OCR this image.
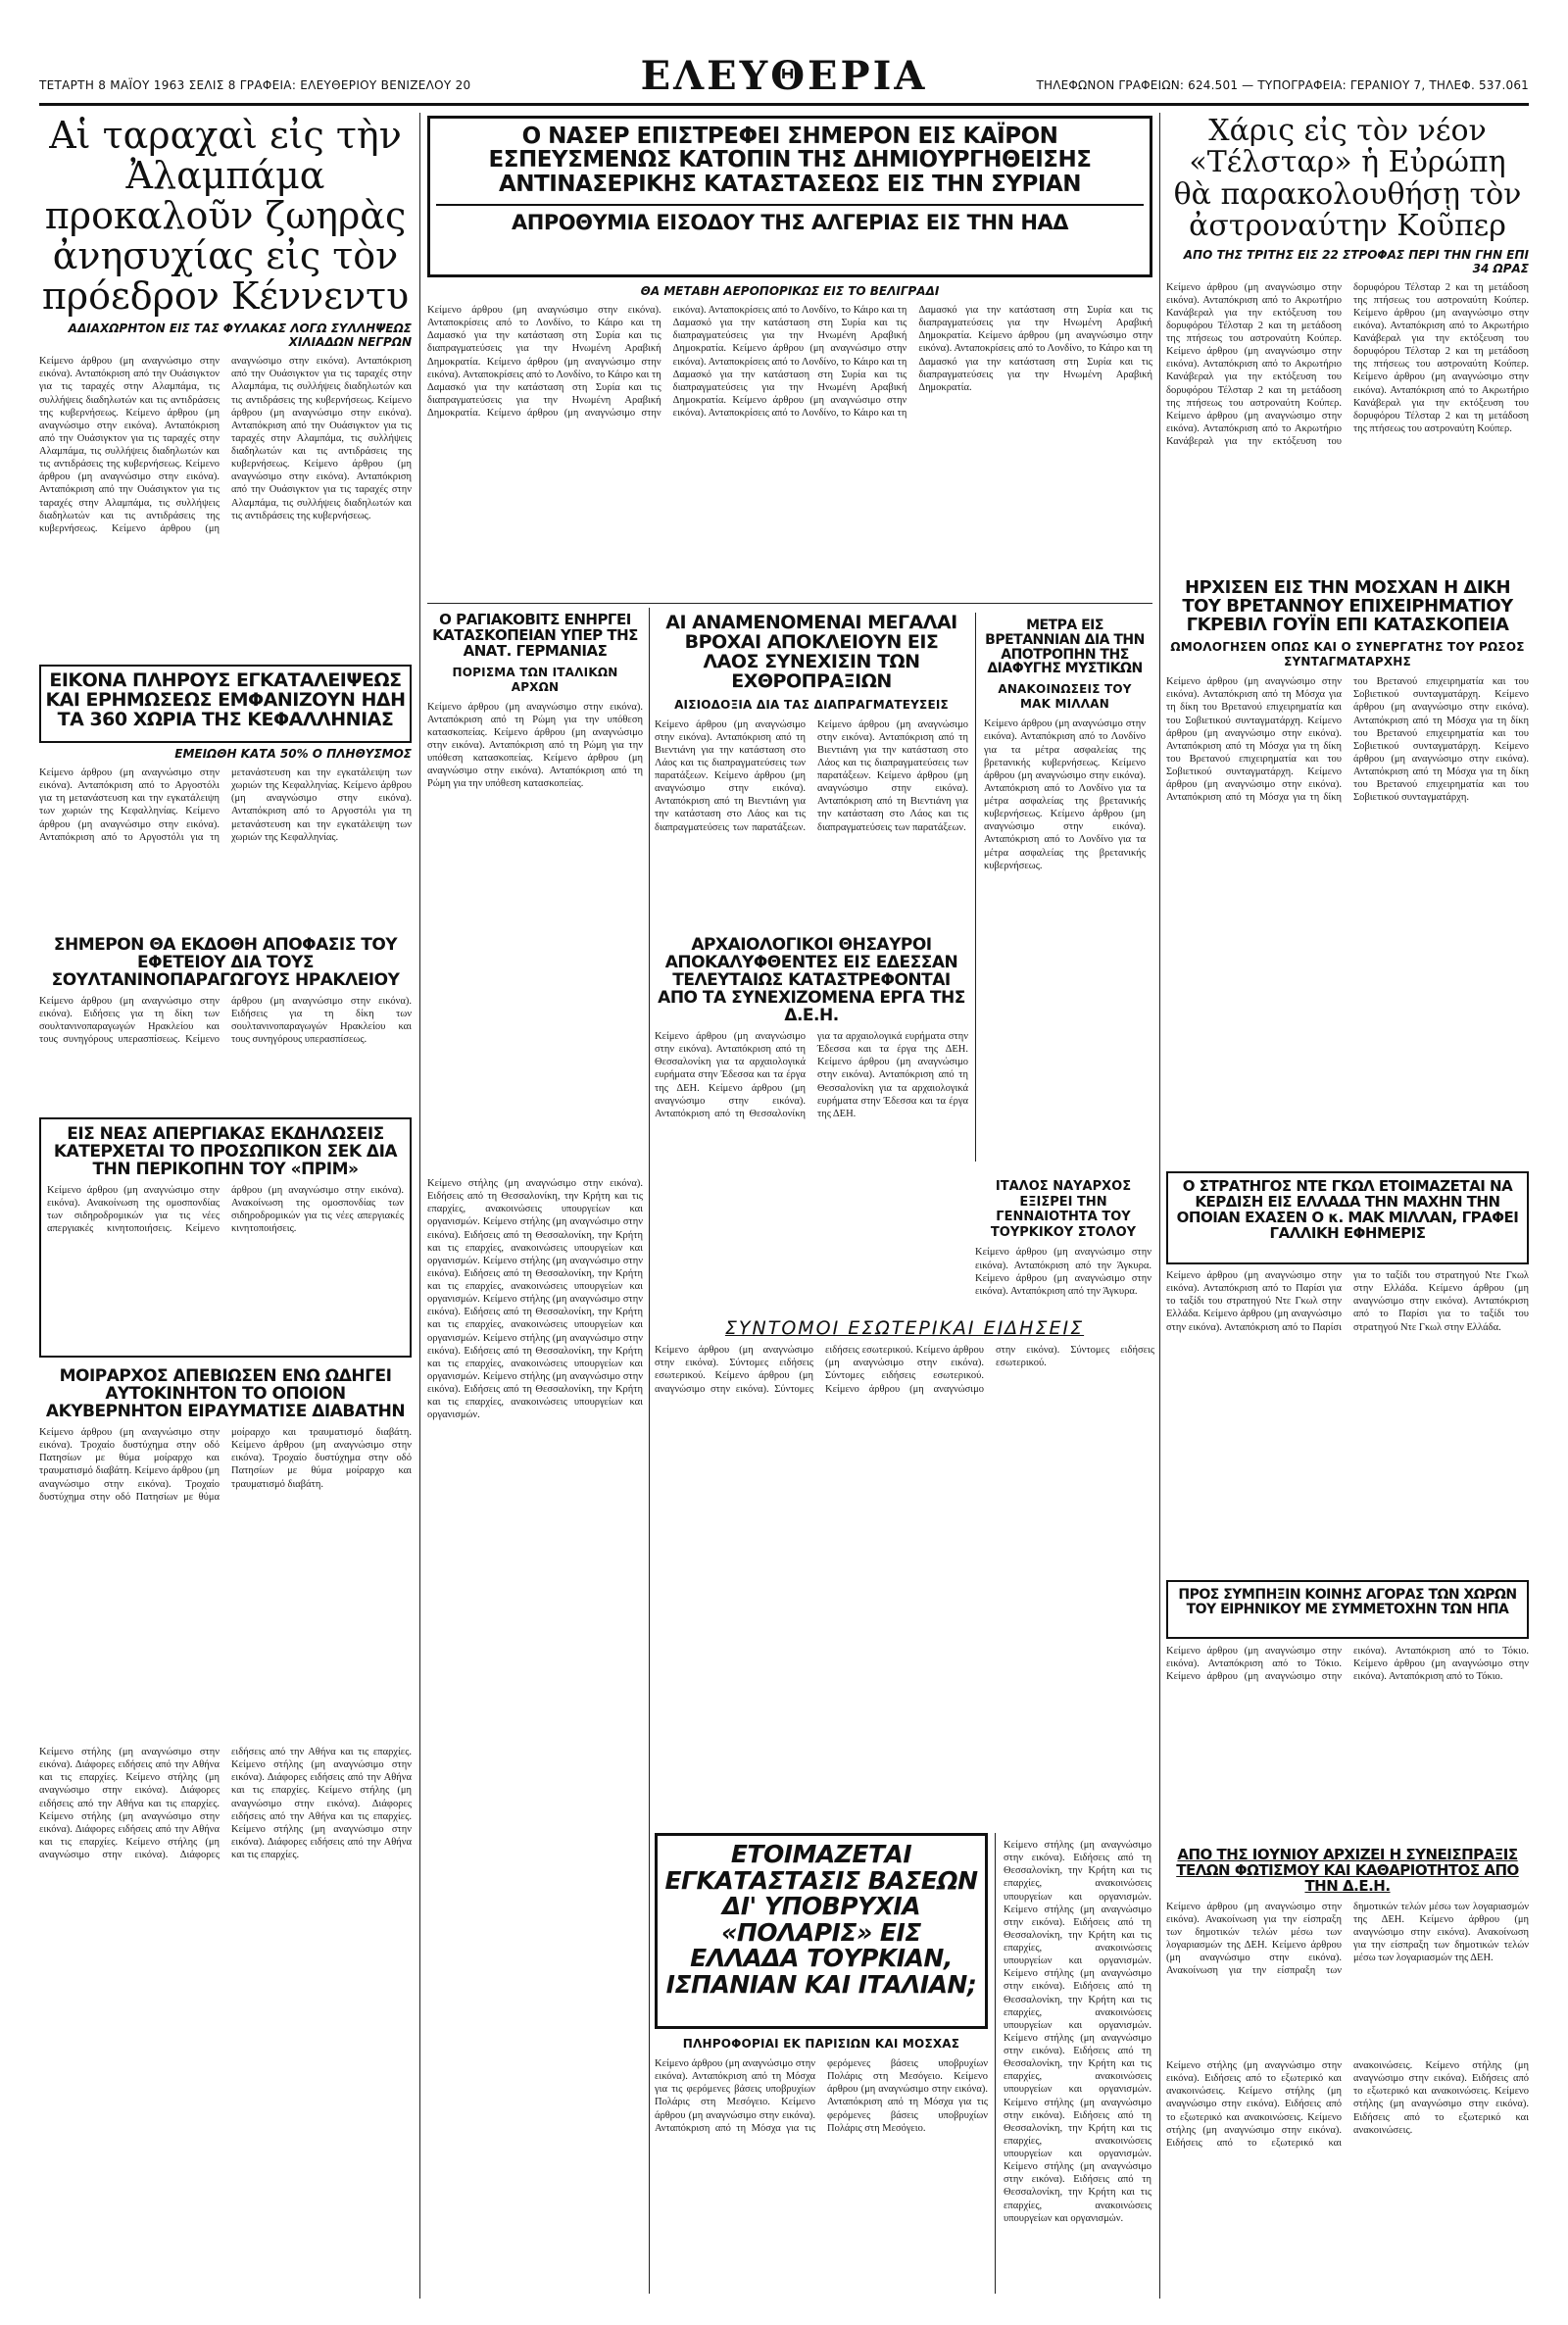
ΤΕΤΑΡΤΗ 8 ΜΑΪΟΥ 1963 ΣΕΛΙΣ 8 ΓΡΑΦΕΙΑ: ΕΛΕΥΘΕΡΙΟΥ ΒΕΝΙΖΕΛΟΥ 20	ΕΛΕΥΘΕΡΙΑ	ΤΗΛΕΦΩΝΟΝ ΓΡΑΦΕΙΩΝ: 624.501 — ΤΥΠΟΓΡΑΦΕΙΑ: ΓΕΡΑΝΙΟΥ 7, ΤΗΛΕΦ. 537.061
Αἱ ταραχαὶ εἰς τὴν Ἀλαμπάμα προκαλοῦν ζωηρὰς ἀνησυχίας εἰς τὸν πρόεδρον Κέννεντυ
ΑΔΙΑΧΩΡΗΤΟΝ ΕΙΣ ΤΑΣ ΦΥΛΑΚΑΣ ΛΟΓΩ ΣΥΛΛΗΨΕΩΣ ΧΙΛΙΑΔΩΝ ΝΕΓΡΩΝ
Κείμενο άρθρου (μη αναγνώσιμο στην εικόνα). Ανταπόκριση από την Ουάσιγκτον για τις ταραχές στην Αλαμπάμα, τις συλλήψεις διαδηλωτών και τις αντιδράσεις της κυβερνήσεως. Κείμενο άρθρου (μη αναγνώσιμο στην εικόνα). Ανταπόκριση από την Ουάσιγκτον για τις ταραχές στην Αλαμπάμα, τις συλλήψεις διαδηλωτών και τις αντιδράσεις της κυβερνήσεως. Κείμενο άρθρου (μη αναγνώσιμο στην εικόνα). Ανταπόκριση από την Ουάσιγκτον για τις ταραχές στην Αλαμπάμα, τις συλλήψεις διαδηλωτών και τις αντιδράσεις της κυβερνήσεως. Κείμενο άρθρου (μη αναγνώσιμο στην εικόνα). Ανταπόκριση από την Ουάσιγκτον για τις ταραχές στην Αλαμπάμα, τις συλλήψεις διαδηλωτών και τις αντιδράσεις της κυβερνήσεως. Κείμενο άρθρου (μη αναγνώσιμο στην εικόνα). Ανταπόκριση από την Ουάσιγκτον για τις ταραχές στην Αλαμπάμα, τις συλλήψεις διαδηλωτών και τις αντιδράσεις της κυβερνήσεως. Κείμενο άρθρου (μη αναγνώσιμο στην εικόνα). Ανταπόκριση από την Ουάσιγκτον για τις ταραχές στην Αλαμπάμα, τις συλλήψεις διαδηλωτών και τις αντιδράσεις της κυβερνήσεως.
ΕΙΚΟΝΑ ΠΛΗΡΟΥΣ ΕΓΚΑΤΑΛΕΙΨΕΩΣ ΚΑΙ ΕΡΗΜΩΣΕΩΣ ΕΜΦΑΝΙΖΟΥΝ ΗΔΗ ΤΑ 360 ΧΩΡΙΑ ΤΗΣ ΚΕΦΑΛΛΗΝΙΑΣ
ΕΜΕΙΩΘΗ ΚΑΤΑ 50% Ο ΠΛΗΘΥΣΜΟΣ
Κείμενο άρθρου (μη αναγνώσιμο στην εικόνα). Ανταπόκριση από το Αργοστόλι για τη μετανάστευση και την εγκατάλειψη των χωριών της Κεφαλληνίας. Κείμενο άρθρου (μη αναγνώσιμο στην εικόνα). Ανταπόκριση από το Αργοστόλι για τη μετανάστευση και την εγκατάλειψη των χωριών της Κεφαλληνίας. Κείμενο άρθρου (μη αναγνώσιμο στην εικόνα). Ανταπόκριση από το Αργοστόλι για τη μετανάστευση και την εγκατάλειψη των χωριών της Κεφαλληνίας.
ΣΗΜΕΡΟΝ ΘΑ ΕΚΔΟΘΗ ΑΠΟΦΑΣΙΣ ΤΟΥ ΕΦΕΤΕΙΟΥ ΔΙΑ ΤΟΥΣ ΣΟΥΛΤΑΝΙΝΟΠΑΡΑΓΩΓΟΥΣ ΗΡΑΚΛΕΙΟΥ
Κείμενο άρθρου (μη αναγνώσιμο στην εικόνα). Ειδήσεις για τη δίκη των σουλτανινοπαραγωγών Ηρακλείου και τους συνηγόρους υπερασπίσεως. Κείμενο άρθρου (μη αναγνώσιμο στην εικόνα). Ειδήσεις για τη δίκη των σουλτανινοπαραγωγών Ηρακλείου και τους συνηγόρους υπερασπίσεως.
ΕΙΣ ΝΕΑΣ ΑΠΕΡΓΙΑΚΑΣ ΕΚΔΗΛΩΣΕΙΣ ΚΑΤΕΡΧΕΤΑΙ ΤΟ ΠΡΟΣΩΠΙΚΟΝ ΣΕΚ ΔΙΑ ΤΗΝ ΠΕΡΙΚΟΠΗΝ ΤΟΥ «ΠΡΙΜ»
Κείμενο άρθρου (μη αναγνώσιμο στην εικόνα). Ανακοίνωση της ομοσπονδίας των σιδηροδρομικών για τις νέες απεργιακές κινητοποιήσεις. Κείμενο άρθρου (μη αναγνώσιμο στην εικόνα). Ανακοίνωση της ομοσπονδίας των σιδηροδρομικών για τις νέες απεργιακές κινητοποιήσεις.
ΜΟΙΡΑΡΧΟΣ ΑΠΕΒΙΩΣΕΝ ΕΝΩ ΩΔΗΓΕΙ ΑΥΤΟΚΙΝΗΤΟΝ ΤΟ ΟΠΟΙΟΝ ΑΚΥΒΕΡΝΗΤΟΝ ΕΙΡΑΥΜΑΤΙΣΕ ΔΙΑΒΑΤΗΝ
Κείμενο άρθρου (μη αναγνώσιμο στην εικόνα). Τροχαίο δυστύχημα στην οδό Πατησίων με θύμα μοίραρχο και τραυματισμό διαβάτη. Κείμενο άρθρου (μη αναγνώσιμο στην εικόνα). Τροχαίο δυστύχημα στην οδό Πατησίων με θύμα μοίραρχο και τραυματισμό διαβάτη. Κείμενο άρθρου (μη αναγνώσιμο στην εικόνα). Τροχαίο δυστύχημα στην οδό Πατησίων με θύμα μοίραρχο και τραυματισμό διαβάτη.
Κείμενο στήλης (μη αναγνώσιμο στην εικόνα). Διάφορες ειδήσεις από την Αθήνα και τις επαρχίες. Κείμενο στήλης (μη αναγνώσιμο στην εικόνα). Διάφορες ειδήσεις από την Αθήνα και τις επαρχίες. Κείμενο στήλης (μη αναγνώσιμο στην εικόνα). Διάφορες ειδήσεις από την Αθήνα και τις επαρχίες. Κείμενο στήλης (μη αναγνώσιμο στην εικόνα). Διάφορες ειδήσεις από την Αθήνα και τις επαρχίες. Κείμενο στήλης (μη αναγνώσιμο στην εικόνα). Διάφορες ειδήσεις από την Αθήνα και τις επαρχίες. Κείμενο στήλης (μη αναγνώσιμο στην εικόνα). Διάφορες ειδήσεις από την Αθήνα και τις επαρχίες. Κείμενο στήλης (μη αναγνώσιμο στην εικόνα). Διάφορες ειδήσεις από την Αθήνα και τις επαρχίες.
Ο ΝΑΣΕΡ ΕΠΙΣΤΡΕΦΕΙ ΣΗΜΕΡΟΝ ΕΙΣ ΚΑΪΡΟΝ ΕΣΠΕΥΣΜΕΝΩΣ ΚΑΤΟΠΙΝ ΤΗΣ ΔΗΜΙΟΥΡΓΗΘΕΙΣΗΣ ΑΝΤΙΝΑΣΕΡΙΚΗΣ ΚΑΤΑΣΤΑΣΕΩΣ ΕΙΣ ΤΗΝ ΣΥΡΙΑΝ
ΑΠΡΟΘΥΜΙΑ ΕΙΣΟΔΟΥ ΤΗΣ ΑΛΓΕΡΙΑΣ ΕΙΣ ΤΗΝ ΗΑΔ
ΘΑ ΜΕΤΑΒΗ ΑΕΡΟΠΟΡΙΚΩΣ ΕΙΣ ΤΟ ΒΕΛΙΓΡΑΔΙ
Κείμενο άρθρου (μη αναγνώσιμο στην εικόνα). Ανταποκρίσεις από το Λονδίνο, το Κάιρο και τη Δαμασκό για την κατάσταση στη Συρία και τις διαπραγματεύσεις για την Ηνωμένη Αραβική Δημοκρατία. Κείμενο άρθρου (μη αναγνώσιμο στην εικόνα). Ανταποκρίσεις από το Λονδίνο, το Κάιρο και τη Δαμασκό για την κατάσταση στη Συρία και τις διαπραγματεύσεις για την Ηνωμένη Αραβική Δημοκρατία. Κείμενο άρθρου (μη αναγνώσιμο στην εικόνα). Ανταποκρίσεις από το Λονδίνο, το Κάιρο και τη Δαμασκό για την κατάσταση στη Συρία και τις διαπραγματεύσεις για την Ηνωμένη Αραβική Δημοκρατία. Κείμενο άρθρου (μη αναγνώσιμο στην εικόνα). Ανταποκρίσεις από το Λονδίνο, το Κάιρο και τη Δαμασκό για την κατάσταση στη Συρία και τις διαπραγματεύσεις για την Ηνωμένη Αραβική Δημοκρατία. Κείμενο άρθρου (μη αναγνώσιμο στην εικόνα). Ανταποκρίσεις από το Λονδίνο, το Κάιρο και τη Δαμασκό για την κατάσταση στη Συρία και τις διαπραγματεύσεις για την Ηνωμένη Αραβική Δημοκρατία. Κείμενο άρθρου (μη αναγνώσιμο στην εικόνα). Ανταποκρίσεις από το Λονδίνο, το Κάιρο και τη Δαμασκό για την κατάσταση στη Συρία και τις διαπραγματεύσεις για την Ηνωμένη Αραβική Δημοκρατία.
Ο ΡΑΓΙΑΚΟΒΙΤΣ ΕΝΗΡΓΕΙ ΚΑΤΑΣΚΟΠΕΙΑΝ ΥΠΕΡ ΤΗΣ ΑΝΑΤ. ΓΕΡΜΑΝΙΑΣ
ΠΟΡΙΣΜΑ ΤΩΝ ΙΤΑΛΙΚΩΝ ΑΡΧΩΝ
Κείμενο άρθρου (μη αναγνώσιμο στην εικόνα). Ανταπόκριση από τη Ρώμη για την υπόθεση κατασκοπείας. Κείμενο άρθρου (μη αναγνώσιμο στην εικόνα). Ανταπόκριση από τη Ρώμη για την υπόθεση κατασκοπείας. Κείμενο άρθρου (μη αναγνώσιμο στην εικόνα). Ανταπόκριση από τη Ρώμη για την υπόθεση κατασκοπείας.
ΑΙ ΑΝΑΜΕΝΟΜΕΝΑΙ ΜΕΓΑΛΑΙ ΒΡΟΧΑΙ ΑΠΟΚΛΕΙΟΥΝ ΕΙΣ ΛΑΟΣ ΣΥΝΕΧΙΣΙΝ ΤΩΝ ΕΧΘΡΟΠΡΑΞΙΩΝ
ΑΙΣΙΟΔΟΞΙΑ ΔΙΑ ΤΑΣ ΔΙΑΠΡΑΓΜΑΤΕΥΣΕΙΣ
Κείμενο άρθρου (μη αναγνώσιμο στην εικόνα). Ανταπόκριση από τη Βιεντιάνη για την κατάσταση στο Λάος και τις διαπραγματεύσεις των παρατάξεων. Κείμενο άρθρου (μη αναγνώσιμο στην εικόνα). Ανταπόκριση από τη Βιεντιάνη για την κατάσταση στο Λάος και τις διαπραγματεύσεις των παρατάξεων. Κείμενο άρθρου (μη αναγνώσιμο στην εικόνα). Ανταπόκριση από τη Βιεντιάνη για την κατάσταση στο Λάος και τις διαπραγματεύσεις των παρατάξεων. Κείμενο άρθρου (μη αναγνώσιμο στην εικόνα). Ανταπόκριση από τη Βιεντιάνη για την κατάσταση στο Λάος και τις διαπραγματεύσεις των παρατάξεων.
ΜΕΤΡΑ ΕΙΣ ΒΡΕΤΑΝΝΙΑΝ ΔΙΑ ΤΗΝ ΑΠΟΤΡΟΠΗΝ ΤΗΣ ΔΙΑΦΥΓΗΣ ΜΥΣΤΙΚΩΝ
ΑΝΑΚΟΙΝΩΣΕΙΣ ΤΟΥ ΜΑΚ ΜΙΛΛΑΝ
Κείμενο άρθρου (μη αναγνώσιμο στην εικόνα). Ανταπόκριση από το Λονδίνο για τα μέτρα ασφαλείας της βρετανικής κυβερνήσεως. Κείμενο άρθρου (μη αναγνώσιμο στην εικόνα). Ανταπόκριση από το Λονδίνο για τα μέτρα ασφαλείας της βρετανικής κυβερνήσεως. Κείμενο άρθρου (μη αναγνώσιμο στην εικόνα). Ανταπόκριση από το Λονδίνο για τα μέτρα ασφαλείας της βρετανικής κυβερνήσεως.
ΑΡΧΑΙΟΛΟΓΙΚΟΙ ΘΗΣΑΥΡΟΙ ΑΠΟΚΑΛΥΦΘΕΝΤΕΣ ΕΙΣ ΕΔΕΣΣΑΝ ΤΕΛΕΥΤΑΙΩΣ ΚΑΤΑΣΤΡΕΦΟΝΤΑΙ ΑΠΟ ΤΑ ΣΥΝΕΧΙΖΟΜΕΝΑ ΕΡΓΑ ΤΗΣ Δ.Ε.Η.
Κείμενο άρθρου (μη αναγνώσιμο στην εικόνα). Ανταπόκριση από τη Θεσσαλονίκη για τα αρχαιολογικά ευρήματα στην Έδεσσα και τα έργα της ΔΕΗ. Κείμενο άρθρου (μη αναγνώσιμο στην εικόνα). Ανταπόκριση από τη Θεσσαλονίκη για τα αρχαιολογικά ευρήματα στην Έδεσσα και τα έργα της ΔΕΗ. Κείμενο άρθρου (μη αναγνώσιμο στην εικόνα). Ανταπόκριση από τη Θεσσαλονίκη για τα αρχαιολογικά ευρήματα στην Έδεσσα και τα έργα της ΔΕΗ.
ΙΤΑΛΟΣ ΝΑΥΑΡΧΟΣ ΕΞΙΣΡΕΙ ΤΗΝ ΓΕΝΝΑΙΟΤΗΤΑ ΤΟΥ ΤΟΥΡΚΙΚΟΥ ΣΤΟΛΟΥ
Κείμενο άρθρου (μη αναγνώσιμο στην εικόνα). Ανταπόκριση από την Άγκυρα. Κείμενο άρθρου (μη αναγνώσιμο στην εικόνα). Ανταπόκριση από την Άγκυρα.
ΣΥΝΤΟΜΟΙ ΕΣΩΤΕΡΙΚΑΙ ΕΙΔΗΣΕΙΣ
Κείμενο άρθρου (μη αναγνώσιμο στην εικόνα). Σύντομες ειδήσεις εσωτερικού. Κείμενο άρθρου (μη αναγνώσιμο στην εικόνα). Σύντομες ειδήσεις εσωτερικού. Κείμενο άρθρου (μη αναγνώσιμο στην εικόνα). Σύντομες ειδήσεις εσωτερικού. Κείμενο άρθρου (μη αναγνώσιμο στην εικόνα). Σύντομες ειδήσεις εσωτερικού.
Κείμενο στήλης (μη αναγνώσιμο στην εικόνα). Ειδήσεις από τη Θεσσαλονίκη, την Κρήτη και τις επαρχίες, ανακοινώσεις υπουργείων και οργανισμών. Κείμενο στήλης (μη αναγνώσιμο στην εικόνα). Ειδήσεις από τη Θεσσαλονίκη, την Κρήτη και τις επαρχίες, ανακοινώσεις υπουργείων και οργανισμών. Κείμενο στήλης (μη αναγνώσιμο στην εικόνα). Ειδήσεις από τη Θεσσαλονίκη, την Κρήτη και τις επαρχίες, ανακοινώσεις υπουργείων και οργανισμών. Κείμενο στήλης (μη αναγνώσιμο στην εικόνα). Ειδήσεις από τη Θεσσαλονίκη, την Κρήτη και τις επαρχίες, ανακοινώσεις υπουργείων και οργανισμών. Κείμενο στήλης (μη αναγνώσιμο στην εικόνα). Ειδήσεις από τη Θεσσαλονίκη, την Κρήτη και τις επαρχίες, ανακοινώσεις υπουργείων και οργανισμών. Κείμενο στήλης (μη αναγνώσιμο στην εικόνα). Ειδήσεις από τη Θεσσαλονίκη, την Κρήτη και τις επαρχίες, ανακοινώσεις υπουργείων και οργανισμών.
ΕΤΟΙΜΑΖΕΤΑΙ ΕΓΚΑΤΑΣΤΑΣΙΣ ΒΑΣΕΩΝ ΔΙ' ΥΠΟΒΡΥΧΙΑ «ΠΟΛΑΡΙΣ» ΕΙΣ ΕΛΛΑΔΑ ΤΟΥΡΚΙΑΝ, ΙΣΠΑΝΙΑΝ ΚΑΙ ΙΤΑΛΙΑΝ;
ΠΛΗΡΟΦΟΡΙΑΙ ΕΚ ΠΑΡΙΣΙΩΝ ΚΑΙ ΜΟΣΧΑΣ
Κείμενο άρθρου (μη αναγνώσιμο στην εικόνα). Ανταπόκριση από τη Μόσχα για τις φερόμενες βάσεις υποβρυχίων Πολάρις στη Μεσόγειο. Κείμενο άρθρου (μη αναγνώσιμο στην εικόνα). Ανταπόκριση από τη Μόσχα για τις φερόμενες βάσεις υποβρυχίων Πολάρις στη Μεσόγειο. Κείμενο άρθρου (μη αναγνώσιμο στην εικόνα). Ανταπόκριση από τη Μόσχα για τις φερόμενες βάσεις υποβρυχίων Πολάρις στη Μεσόγειο.
Κείμενο στήλης (μη αναγνώσιμο στην εικόνα). Ειδήσεις από τη Θεσσαλονίκη, την Κρήτη και τις επαρχίες, ανακοινώσεις υπουργείων και οργανισμών. Κείμενο στήλης (μη αναγνώσιμο στην εικόνα). Ειδήσεις από τη Θεσσαλονίκη, την Κρήτη και τις επαρχίες, ανακοινώσεις υπουργείων και οργανισμών. Κείμενο στήλης (μη αναγνώσιμο στην εικόνα). Ειδήσεις από τη Θεσσαλονίκη, την Κρήτη και τις επαρχίες, ανακοινώσεις υπουργείων και οργανισμών. Κείμενο στήλης (μη αναγνώσιμο στην εικόνα). Ειδήσεις από τη Θεσσαλονίκη, την Κρήτη και τις επαρχίες, ανακοινώσεις υπουργείων και οργανισμών. Κείμενο στήλης (μη αναγνώσιμο στην εικόνα). Ειδήσεις από τη Θεσσαλονίκη, την Κρήτη και τις επαρχίες, ανακοινώσεις υπουργείων και οργανισμών. Κείμενο στήλης (μη αναγνώσιμο στην εικόνα). Ειδήσεις από τη Θεσσαλονίκη, την Κρήτη και τις επαρχίες, ανακοινώσεις υπουργείων και οργανισμών.
Χάρις εἰς τὸν νέον «Τέλσταρ» ἡ Εὐρώπη θὰ παρακολουθήσῃ τὸν ἀστροναύτην Κοῦπερ
ΑΠΟ ΤΗΣ ΤΡΙΤΗΣ ΕΙΣ 22 ΣΤΡΟΦΑΣ ΠΕΡΙ ΤΗΝ ΓΗΝ ΕΠΙ 34 ΩΡΑΣ
Κείμενο άρθρου (μη αναγνώσιμο στην εικόνα). Ανταπόκριση από το Ακρωτήριο Κανάβεραλ για την εκτόξευση του δορυφόρου Τέλσταρ 2 και τη μετάδοση της πτήσεως του αστροναύτη Κούπερ. Κείμενο άρθρου (μη αναγνώσιμο στην εικόνα). Ανταπόκριση από το Ακρωτήριο Κανάβεραλ για την εκτόξευση του δορυφόρου Τέλσταρ 2 και τη μετάδοση της πτήσεως του αστροναύτη Κούπερ. Κείμενο άρθρου (μη αναγνώσιμο στην εικόνα). Ανταπόκριση από το Ακρωτήριο Κανάβεραλ για την εκτόξευση του δορυφόρου Τέλσταρ 2 και τη μετάδοση της πτήσεως του αστροναύτη Κούπερ. Κείμενο άρθρου (μη αναγνώσιμο στην εικόνα). Ανταπόκριση από το Ακρωτήριο Κανάβεραλ για την εκτόξευση του δορυφόρου Τέλσταρ 2 και τη μετάδοση της πτήσεως του αστροναύτη Κούπερ. Κείμενο άρθρου (μη αναγνώσιμο στην εικόνα). Ανταπόκριση από το Ακρωτήριο Κανάβεραλ για την εκτόξευση του δορυφόρου Τέλσταρ 2 και τη μετάδοση της πτήσεως του αστροναύτη Κούπερ.
ΗΡΧΙΣΕΝ ΕΙΣ ΤΗΝ ΜΟΣΧΑΝ Η ΔΙΚΗ ΤΟΥ ΒΡΕΤΑΝΝΟΥ ΕΠΙΧΕΙΡΗΜΑΤΙΟΥ ΓΚΡΕΒΙΛ ΓΟΥΪΝ ΕΠΙ ΚΑΤΑΣΚΟΠΕΙΑ
ΩΜΟΛΟΓΗΣΕΝ ΟΠΩΣ ΚΑΙ Ο ΣΥΝΕΡΓΑΤΗΣ ΤΟΥ ΡΩΣΟΣ ΣΥΝΤΑΓΜΑΤΑΡΧΗΣ
Κείμενο άρθρου (μη αναγνώσιμο στην εικόνα). Ανταπόκριση από τη Μόσχα για τη δίκη του Βρετανού επιχειρηματία και του Σοβιετικού συνταγματάρχη. Κείμενο άρθρου (μη αναγνώσιμο στην εικόνα). Ανταπόκριση από τη Μόσχα για τη δίκη του Βρετανού επιχειρηματία και του Σοβιετικού συνταγματάρχη. Κείμενο άρθρου (μη αναγνώσιμο στην εικόνα). Ανταπόκριση από τη Μόσχα για τη δίκη του Βρετανού επιχειρηματία και του Σοβιετικού συνταγματάρχη. Κείμενο άρθρου (μη αναγνώσιμο στην εικόνα). Ανταπόκριση από τη Μόσχα για τη δίκη του Βρετανού επιχειρηματία και του Σοβιετικού συνταγματάρχη. Κείμενο άρθρου (μη αναγνώσιμο στην εικόνα). Ανταπόκριση από τη Μόσχα για τη δίκη του Βρετανού επιχειρηματία και του Σοβιετικού συνταγματάρχη.
Ο ΣΤΡΑΤΗΓΟΣ ΝΤΕ ΓΚΩΛ ΕΤΟΙΜΑΖΕΤΑΙ ΝΑ ΚΕΡΔΙΣΗ ΕΙΣ ΕΛΛΑΔΑ ΤΗΝ ΜΑΧΗΝ ΤΗΝ ΟΠΟΙΑΝ ΕΧΑΣΕΝ Ο κ. ΜΑΚ ΜΙΛΛΑΝ, ΓΡΑΦΕΙ ΓΑΛΛΙΚΗ ΕΦΗΜΕΡΙΣ
Κείμενο άρθρου (μη αναγνώσιμο στην εικόνα). Ανταπόκριση από το Παρίσι για το ταξίδι του στρατηγού Ντε Γκωλ στην Ελλάδα. Κείμενο άρθρου (μη αναγνώσιμο στην εικόνα). Ανταπόκριση από το Παρίσι για το ταξίδι του στρατηγού Ντε Γκωλ στην Ελλάδα. Κείμενο άρθρου (μη αναγνώσιμο στην εικόνα). Ανταπόκριση από το Παρίσι για το ταξίδι του στρατηγού Ντε Γκωλ στην Ελλάδα.
ΠΡΟΣ ΣΥΜΠΗΞΙΝ ΚΟΙΝΗΣ ΑΓΟΡΑΣ ΤΩΝ ΧΩΡΩΝ ΤΟΥ ΕΙΡΗΝΙΚΟΥ ΜΕ ΣΥΜΜΕΤΟΧΗΝ ΤΩΝ ΗΠΑ
Κείμενο άρθρου (μη αναγνώσιμο στην εικόνα). Ανταπόκριση από το Τόκιο. Κείμενο άρθρου (μη αναγνώσιμο στην εικόνα). Ανταπόκριση από το Τόκιο. Κείμενο άρθρου (μη αναγνώσιμο στην εικόνα). Ανταπόκριση από το Τόκιο.
ΑΠΟ ΤΗΣ ΙΟΥΝΙΟΥ ΑΡΧΙΖΕΙ Η ΣΥΝΕΙΣΠΡΑΞΙΣ ΤΕΛΩΝ ΦΩΤΙΣΜΟΥ ΚΑΙ ΚΑΘΑΡΙΟΤΗΤΟΣ ΑΠΟ ΤΗΝ Δ.Ε.Η.
Κείμενο άρθρου (μη αναγνώσιμο στην εικόνα). Ανακοίνωση για την είσπραξη των δημοτικών τελών μέσω των λογαριασμών της ΔΕΗ. Κείμενο άρθρου (μη αναγνώσιμο στην εικόνα). Ανακοίνωση για την είσπραξη των δημοτικών τελών μέσω των λογαριασμών της ΔΕΗ. Κείμενο άρθρου (μη αναγνώσιμο στην εικόνα). Ανακοίνωση για την είσπραξη των δημοτικών τελών μέσω των λογαριασμών της ΔΕΗ.
Κείμενο στήλης (μη αναγνώσιμο στην εικόνα). Ειδήσεις από το εξωτερικό και ανακοινώσεις. Κείμενο στήλης (μη αναγνώσιμο στην εικόνα). Ειδήσεις από το εξωτερικό και ανακοινώσεις. Κείμενο στήλης (μη αναγνώσιμο στην εικόνα). Ειδήσεις από το εξωτερικό και ανακοινώσεις. Κείμενο στήλης (μη αναγνώσιμο στην εικόνα). Ειδήσεις από το εξωτερικό και ανακοινώσεις. Κείμενο στήλης (μη αναγνώσιμο στην εικόνα). Ειδήσεις από το εξωτερικό και ανακοινώσεις.
